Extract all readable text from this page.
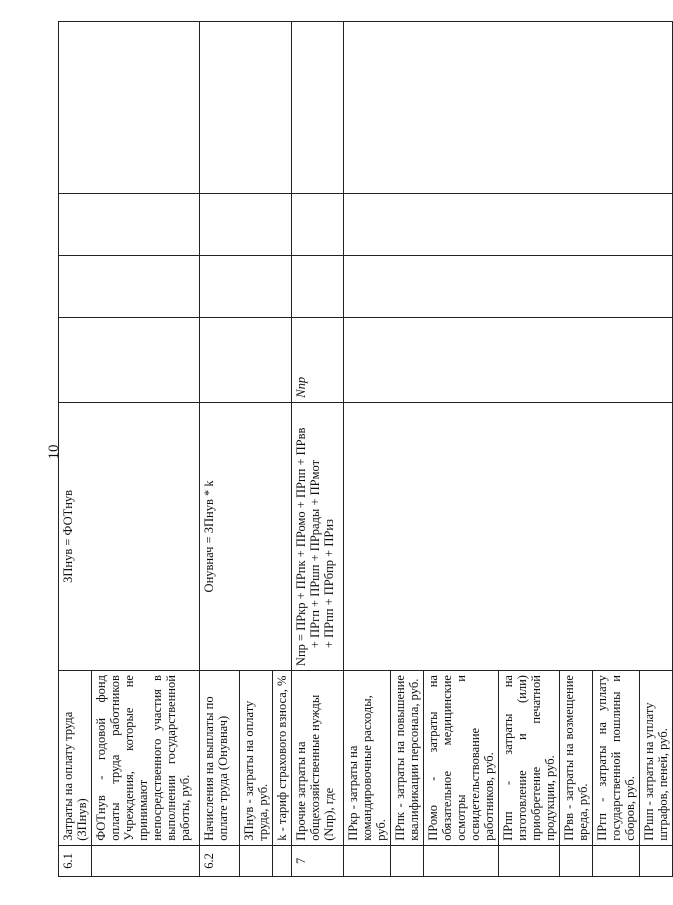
10
6.1	Затраты на оплату труда (ЗПнув)	ЗПнув = ФОТнув				
	ФОТнув - годовой фонд оплаты труда работников Учреждения, которые не принимают непосредственного участия в выполнении государственной работы, руб.					
6.2	Начисления на выплаты по оплате труда (Oнувнач)	Oнувнач = ЗПнув * k				
	ЗПнув - затраты на оплату труда, руб.					
	k - тариф страхового взноса, %					
7	Прочие затраты на общехозяйственные нужды (Nпр), где	Nпр = ПРкр + ПРпк + ПРомо + ПРпп + ПРвв + ПРгп + ПРшп + ПРрады + ПРмот + ПРпп + ПРбпр + ПРиз	Nпр			
	ПРкр - затраты на командировочные расходы, руб.					
	ПРпк - затраты на повышение квалификации персонала, руб.					
	ПРомо - затраты на обязательное медицинские осмотры и освидетельствование работников, руб.					
	ПРпп - затраты на изготовление и (или) приобретение печатной продукции, руб.					
	ПРвв - затраты на возмещение вреда, руб.					
	ПРгп - затраты на уплату государственной пошлины и сборов, руб.					
	ПРшп - затраты на уплату штрафов, пеней, руб.					
